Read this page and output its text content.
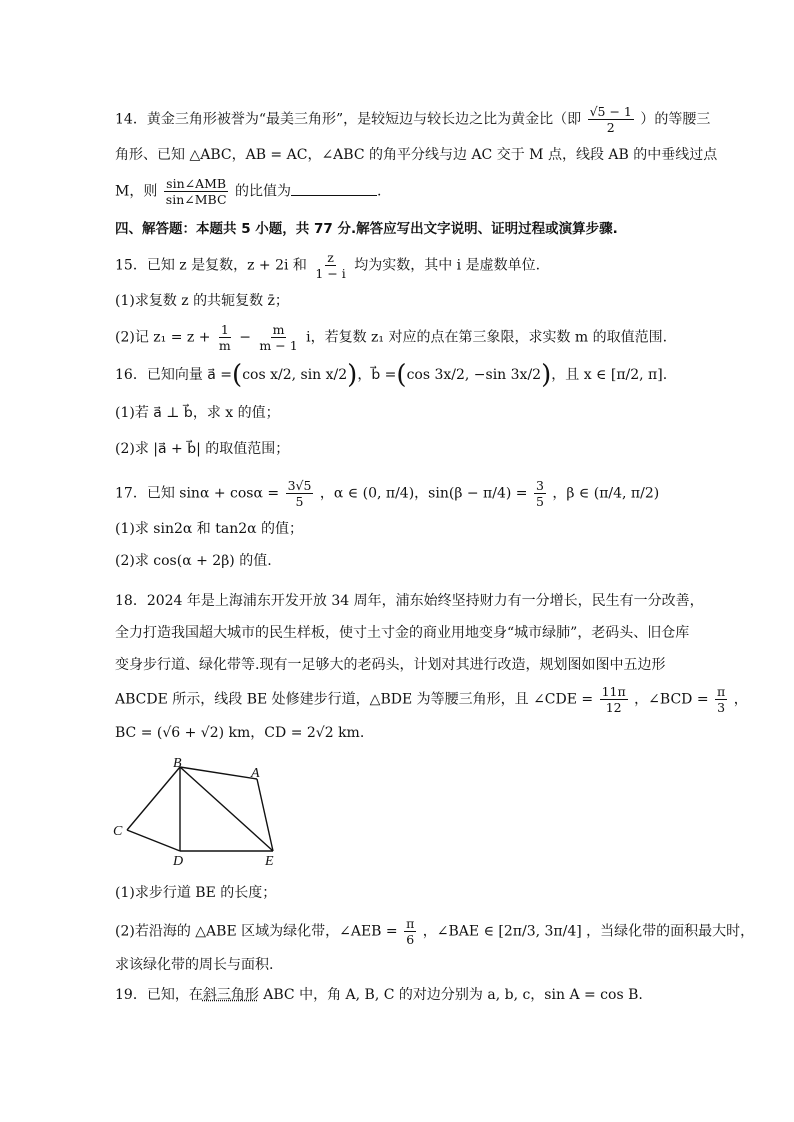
14．黄金三角形被誉为“最美三角形”，是较短边与较长边之比为黄金比（即 $\frac{√5 - 1}{2}$ ）的等腰三
角形、已知 △ABC，AB = AC，∠ABC 的角平分线与边 AC 交于 M 点，线段 AB 的中垂线过点
M，则 $\frac{\text{sin∠AMB}}{\text{sin∠MBC}}$ 的比值为	.
四、解答题：本题共 5 小题，共 77 分.解答应写出文字说明、证明过程或演算步骤.
15．已知 z 是复数，z + 2i 和 $\frac{z}{1 - i}$ 均为实数，其中 i 是虚数单位.
(1)求复数 z 的共轭复数 z̄；
(2)记 $z_1 = z + \frac{1}{m} - \frac{m}{m - 1}$ i，若复数 z₁ 对应的点在第三象限，求实数 m 的取值范围.
16．已知向量 a⃗ =(cos x/2, sin x/2)，b⃗ =(cos 3x/2, −sin 3x/2)，且 x ∈ [π/2, π].
(1)若 a⃗ ⊥ b⃗，求 x 的值；
(2)求 |a⃗ + b⃗| 的取值范围；
17．已知 $\sin\alpha + \cos\alpha = \frac{3√5}{5}$ ，α ∈ (0, π/4)，$\sin(\beta - \pi/4) = \frac{3}{5}$ ，β ∈ (π/4, π/2)
(1)求 sin2α 和 tan2α 的值；
(2)求 cos(α + 2β) 的值.
18．2024 年是上海浦东开发开放 34 周年，浦东始终坚持财力有一分增长，民生有一分改善，
全力打造我国超大城市的民生样板，使寸土寸金的商业用地变身“城市绿肺”，老码头、旧仓库
变身步行道、绿化带等.现有一足够大的老码头，计划对其进行改造，规划图如图中五边形
ABCDE 所示，线段 BE 处修建步行道，△BDE 为等腰三角形，且 ∠CDE = $\frac{11\pi}{12}$ ，∠BCD = $\frac{\pi}{3}$ ，
BC = (√6 + √2) km，CD = 2√2 km.
B
A
C
D	E
(1)求步行道 BE 的长度；
(2)若沿海的 △ABE 区域为绿化带，∠AEB = $\frac{\pi}{6}$ ，∠BAE ∈ [2π/3, 3π/4] ，当绿化带的面积最大时，
求该绿化带的周长与面积.
19．已知，在斜三角形 ABC 中，角 A, B, C 的对边分别为 a, b, c，sin A = cos B.
